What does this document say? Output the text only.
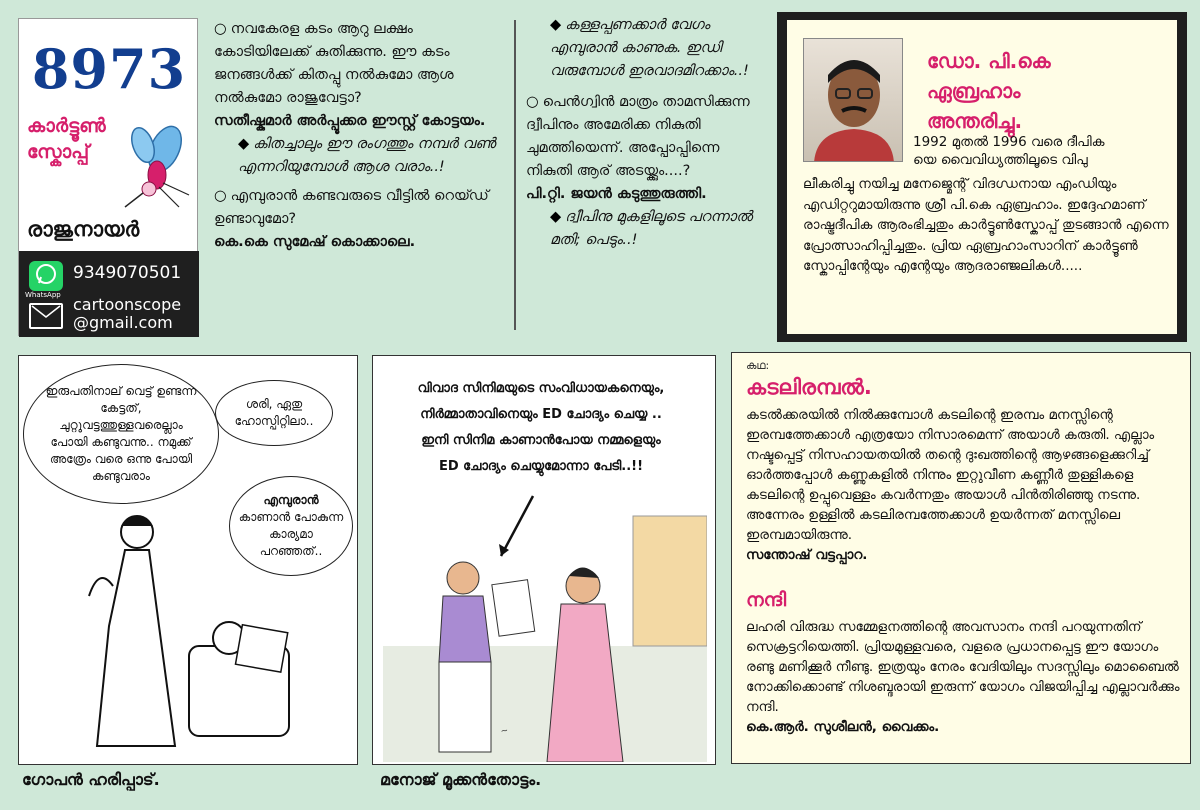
8973
കാർട്ടൂൺ
സ്കോപ്പ്
രാജുനായർ
WhatsApp
9349070501
cartoonscope
@gmail.com

○ നവകേരള കടം ആറു ലക്ഷം കോടിയിലേക്ക് കുതിക്കുന്നു. ഈ കടം ജനങ്ങൾക്ക് കിതപ്പു നൽകുമോ ആശ നൽകുമോ രാജുവേട്ടാ?

സതീഷ്കുമാർ അർപ്പൂക്കര ഈസ്റ്റ് കോട്ടയം.

◆ കിതച്ചാലും ഈ രംഗത്തും നമ്പർ വൺ എന്നറിയുമ്പോൾ ആശ വരാം..!

○ എമ്പുരാൻ കണ്ടവരുടെ വീട്ടിൽ റെയ്ഡ് ഉണ്ടാവുമോ?

കെ.കെ സുമേഷ് കൊക്കാലെ.

◆ കള്ളപ്പണക്കാർ വേഗം എമ്പുരാൻ കാണുക. ഇഡി വരുമ്പോൾ ഇരവാദമിറക്കാം..!

○ പെൻഗ്വിൻ മാത്രം താമസിക്കുന്ന ദ്വീപിനും അമേരിക്ക നികുതി ചുമത്തിയെന്ന്. അപ്പോപ്പിന്നെ നികുതി ആര് അടയ്ക്കും....?

പി.റ്റി. ജയൻ കടുത്തുരുത്തി.

◆ ദ്വീപിനു മുകളിലൂടെ പറന്നാൽ മതി; പെടും..!

ഡോ. പി.കെ
ഏബ്രഹാം
അന്തരിച്ചു.
1992 മുതൽ 1996 വരെ ദീപിക
യെ വൈവിധ്യത്തിലൂടെ വിപു
ലീകരിച്ചു നയിച്ച മനേജ്മെന്റ് വിദഗ്ധനായ എംഡിയും എഡിറ്ററുമായിരുന്നു ശ്രീ പി.കെ ഏബ്രഹാം. ഇദ്ദേഹമാണ് രാഷ്ട്രദീപിക ആരംഭിച്ചതും കാർട്ടൂൺസ്കോപ്പ് തുടങ്ങാൻ എന്നെ പ്രോത്സാഹിപ്പിച്ചതും. പ്രിയ ഏബ്രഹാംസാറിന് കാർട്ടൂൺ സ്കോപ്പിന്റേയും എന്റേയും ആദരാഞ്ജലികൾ.....
ഇരുപതിനാല് വെട്ട് ഉണ്ടന്ന കേട്ടത്, ചുറ്റുവട്ടത്തുള്ളവരെല്ലാം പോയി കണ്ടുവന്നു.. നമുക്ക് അത്രേം വരെ ഒന്നു പോയി കണ്ടുവരാം
ശരി, ഏതു ഹോസ്പിറ്റിലാ..
എമ്പുരാൻ
കാണാൻ പോകുന്ന കാര്യമാ പറഞ്ഞത്..
ഗോപൻ ഹരിപ്പാട്.
വിവാദ സിനിമയുടെ സംവിധായകനെയും,
നിർമ്മാതാവിനെയും ED ചോദ്യം ചെയ്യ ..
ഇനി സിനിമ കാണാൻപോയ നമ്മളെയും
ED ചോദ്യം ചെയ്യുമോന്നാ പേടി..!!
~
മനോജ് മൂക്കൻതോട്ടം.
കഥ:
കടലിരമ്പൽ.
കടൽക്കരയിൽ നിൽക്കുമ്പോൾ കടലിന്റെ ഇരമ്പം മനസ്സിന്റെ ഇരമ്പത്തേക്കാൾ എത്രയോ നിസാരമെന്ന് അയാൾ കരുതി. എല്ലാം നഷ്ടപ്പെട്ട് നിസഹായതയിൽ തന്റെ ദുഃഖത്തിന്റെ ആഴങ്ങളെക്കുറിച്ച് ഓർത്തപ്പോൾ കണ്ണുകളിൽ നിന്നും ഇറ്റുവീണ കണ്ണീർ തുള്ളികളെ കടലിന്റെ ഉപ്പുവെള്ളം കവർന്നതും അയാൾ പിൻതിരിഞ്ഞു നടന്നു. അന്നേരം ഉള്ളിൽ കടലിരമ്പത്തേക്കാൾ ഉയർന്നത് മനസ്സിലെ ഇരമ്പമായിരുന്നു.
സന്തോഷ് വട്ടപ്പാറ.
നന്ദി
ലഹരി വിരുദ്ധ സമ്മേളനത്തിന്റെ അവസാനം നന്ദി പറയുന്നതിന് സെക്രട്ടറിയെത്തി. പ്രിയമുള്ളവരെ, വളരെ പ്രധാനപ്പെട്ട ഈ യോഗം രണ്ടു മണിക്കൂർ നീണ്ടു. ഇത്രയും നേരം വേദിയിലും സദസ്സിലും മൊബൈൽ നോക്കിക്കൊണ്ട് നിശബ്ദരായി ഇരുന്ന് യോഗം വിജയിപ്പിച്ച എല്ലാവർക്കും നന്ദി.
കെ.ആർ. സുശീലൻ, വൈക്കം.
